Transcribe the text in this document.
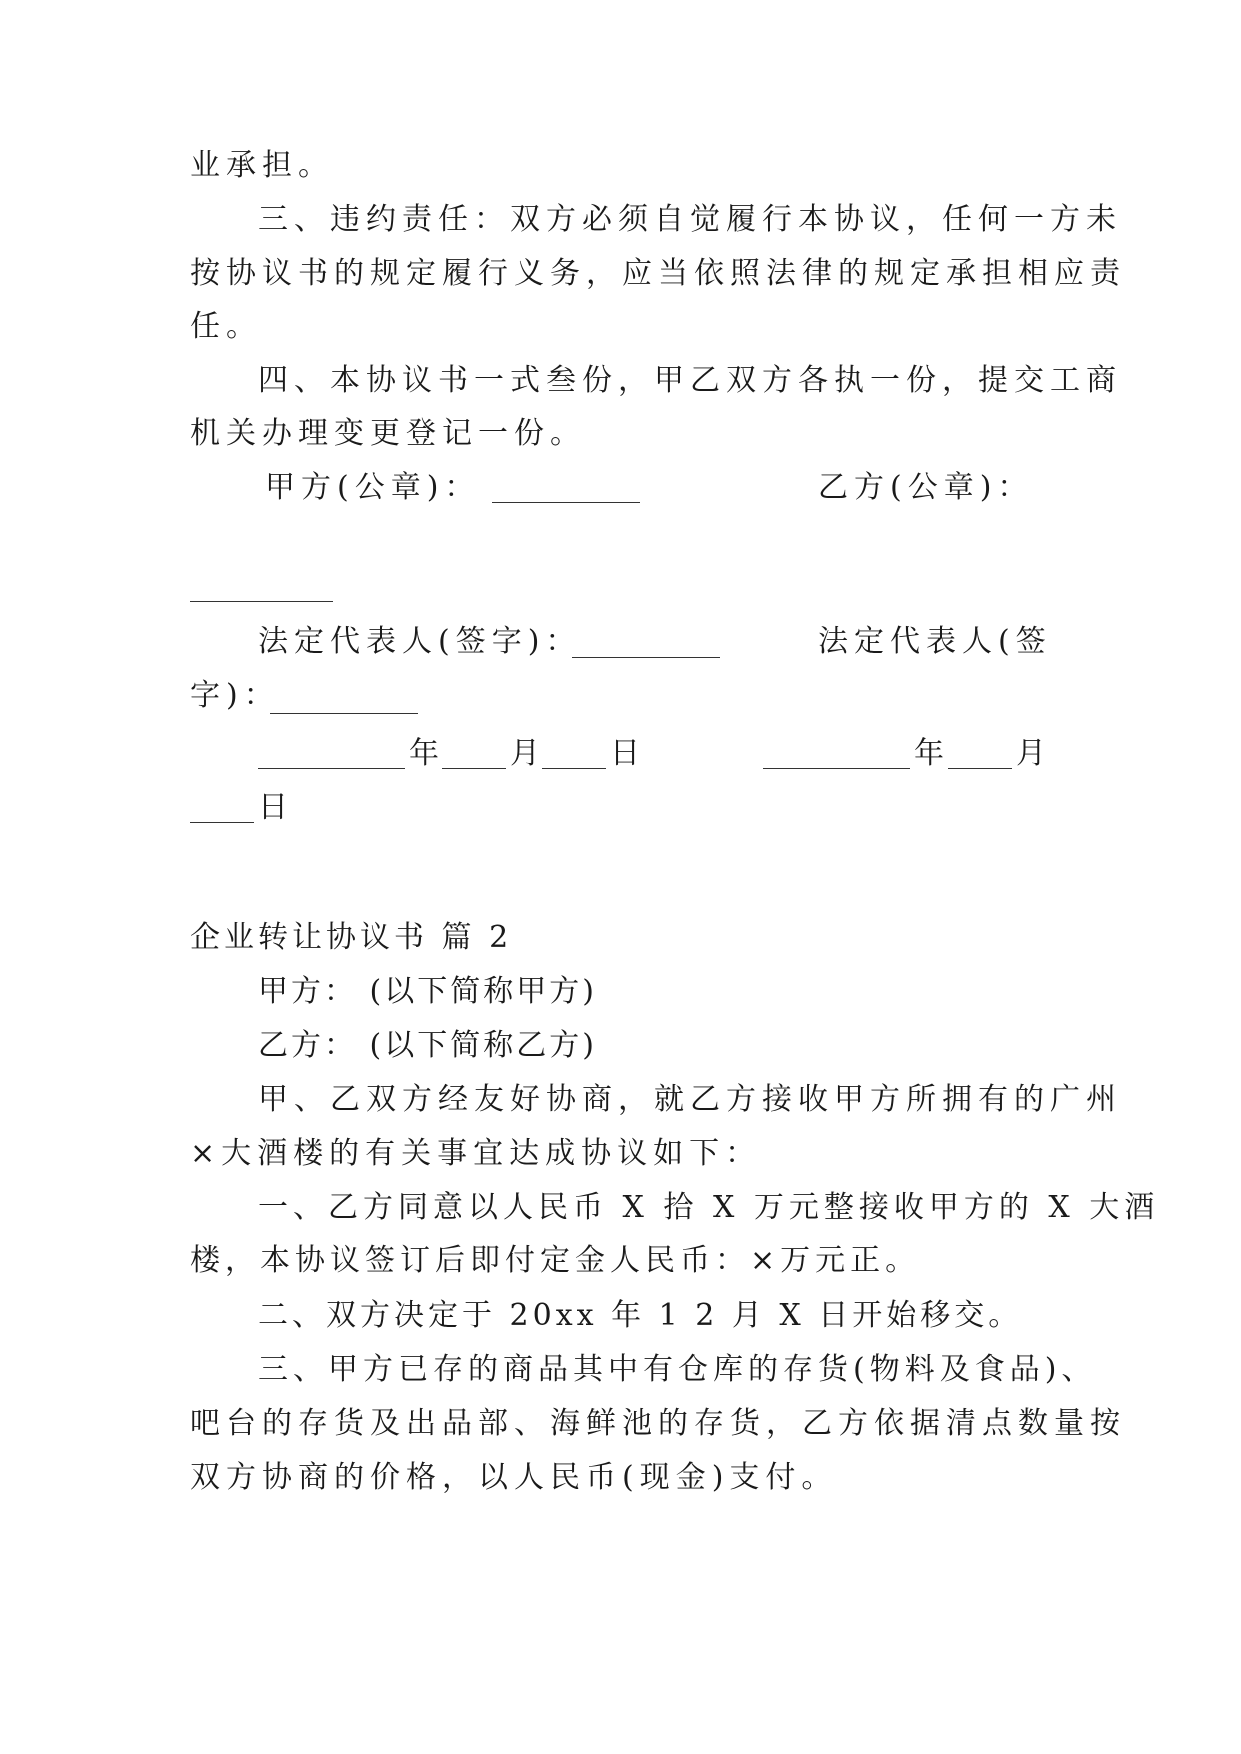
业承担。
三、违约责任：双方必须自觉履行本协议，任何一方未
按协议书的规定履行义务，应当依照法律的规定承担相应责
任。
四、本协议书一式叁份，甲乙双方各执一份，提交工商
机关办理变更登记一份。
甲方(公章)：	乙方(公章)：
法定代表人(签字)：	法定代表人(签
字)：
年 月 日	年 月
日
企业转让协议书 篇 2
甲方： (以下简称甲方)
乙方： (以下简称乙方)
甲、乙双方经友好协商，就乙方接收甲方所拥有的广州
×大酒楼的有关事宜达成协议如下：
一、乙方同意以人民币 X 拾 X 万元整接收甲方的 X 大酒
楼，本协议签订后即付定金人民币：×万元正。
二、双方决定于 20xx 年 1 2 月 X 日开始移交。
三、甲方已存的商品其中有仓库的存货(物料及食品)、
吧台的存货及出品部、海鲜池的存货，乙方依据清点数量按
双方协商的价格，以人民币(现金)支付。
